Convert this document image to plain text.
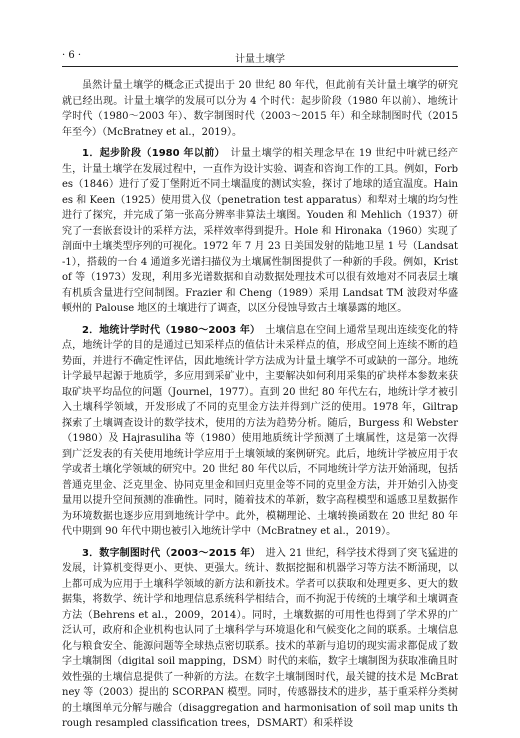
· 6 ·	计量土壤学

虽然计量土壤学的概念正式提出于 20 世纪 80 年代，但此前有关计量土壤学的研究就已经出现。计量土壤学的发展可以分为 4 个时代：起步阶段（1980 年以前）、地统计学时代（1980～2003 年）、数字制图时代（2003～2015 年）和全球制图时代（2015 年至今）（McBratney et al.，2019）。

1．起步阶段（1980 年以前）　计量土壤学的相关理念早在 19 世纪中叶就已经产生，计量土壤学在发展过程中，一直作为设计实验、调查和咨询工作的工具。例如，Forbes（1846）进行了爱丁堡附近不同土壤温度的测试实验，探讨了地球的适宜温度。Haines 和 Keen（1925）使用贯入仪（penetration test apparatus）和犁对土壤的均匀性进行了探究，并完成了第一张高分辨率非算法土壤图。Youden 和 Mehlich（1937）研究了一套嵌套设计的采样方法，采样效率得到提升。Hole 和 Hironaka（1960）实现了剖面中土壤类型序列的可视化。1972 年 7 月 23 日美国发射的陆地卫星 1 号（Landsat-1），搭载的一台 4 通道多光谱扫描仪为土壤属性制图提供了一种新的手段。例如，Kristof 等（1973）发现，利用多光谱数据和自动数据处理技术可以很有效地对不同表层土壤有机质含量进行空间制图。Frazier 和 Cheng（1989）采用 Landsat TM 波段对华盛顿州的 Palouse 地区的土壤进行了调查，以区分侵蚀导致古土壤暴露的地区。

2．地统计学时代（1980～2003 年）　土壤信息在空间上通常呈现出连续变化的特点，地统计学的目的是通过已知采样点的值估计未采样点的值，形成空间上连续不断的趋势面，并进行不确定性评估，因此地统计学方法成为计量土壤学不可或缺的一部分。地统计学最早起源于地质学，多应用到采矿业中，主要解决如何利用采集的矿块样本参数来获取矿块平均品位的问题（Journel，1977）。直到 20 世纪 80 年代左右，地统计学才被引入土壤科学领域，开发形成了不同的克里金方法并得到广泛的使用。1978 年，Giltrap 探索了土壤调查设计的数学技术，使用的方法为趋势分析。随后，Burgess 和 Webster（1980）及 Hajrasuliha 等（1980）使用地质统计学预测了土壤属性，这是第一次得到广泛发表的有关使用地统计学应用于土壤领域的案例研究。此后，地统计学被应用于农学或者土壤化学领域的研究中。20 世纪 80 年代以后，不同地统计学方法开始涌现，包括普通克里金、泛克里金、协同克里金和回归克里金等不同的克里金方法，并开始引入协变量用以提升空间预测的准确性。同时，随着技术的革新，数字高程模型和遥感卫星数据作为环境数据也逐步应用到地统计学中。此外，模糊理论、土壤转换函数在 20 世纪 80 年代中期到 90 年代中期也被引入地统计学中（McBratney et al.，2019）。

3．数字制图时代（2003～2015 年）　进入 21 世纪，科学技术得到了突飞猛进的发展，计算机变得更小、更快、更强大。统计、数据挖掘和机器学习等方法不断涌现，以上都可成为应用于土壤科学领域的新方法和新技术。学者可以获取和处理更多、更大的数据集，将数学、统计学和地理信息系统科学相结合，而不拘泥于传统的土壤学和土壤调查方法（Behrens et al.，2009，2014）。同时，土壤数据的可用性也得到了学术界的广泛认可，政府和企业机构也认同了土壤科学与环境退化和气候变化之间的联系。土壤信息化与粮食安全、能源问题等全球热点密切联系。技术的革新与追切的现实需求都促成了数字土壤制图（digital soil mapping，DSM）时代的来临，数字土壤制图为获取准确且时效性强的土壤信息提供了一种新的方法。在数字土壤制图时代，最关键的技术是 McBratney 等（2003）提出的 SCORPAN 模型。同时，传感器技术的进步，基于重采样分类树的土壤图单元分解与融合（disaggregation and harmonisation of soil map units through resampled classification trees，DSMART）和采样设
